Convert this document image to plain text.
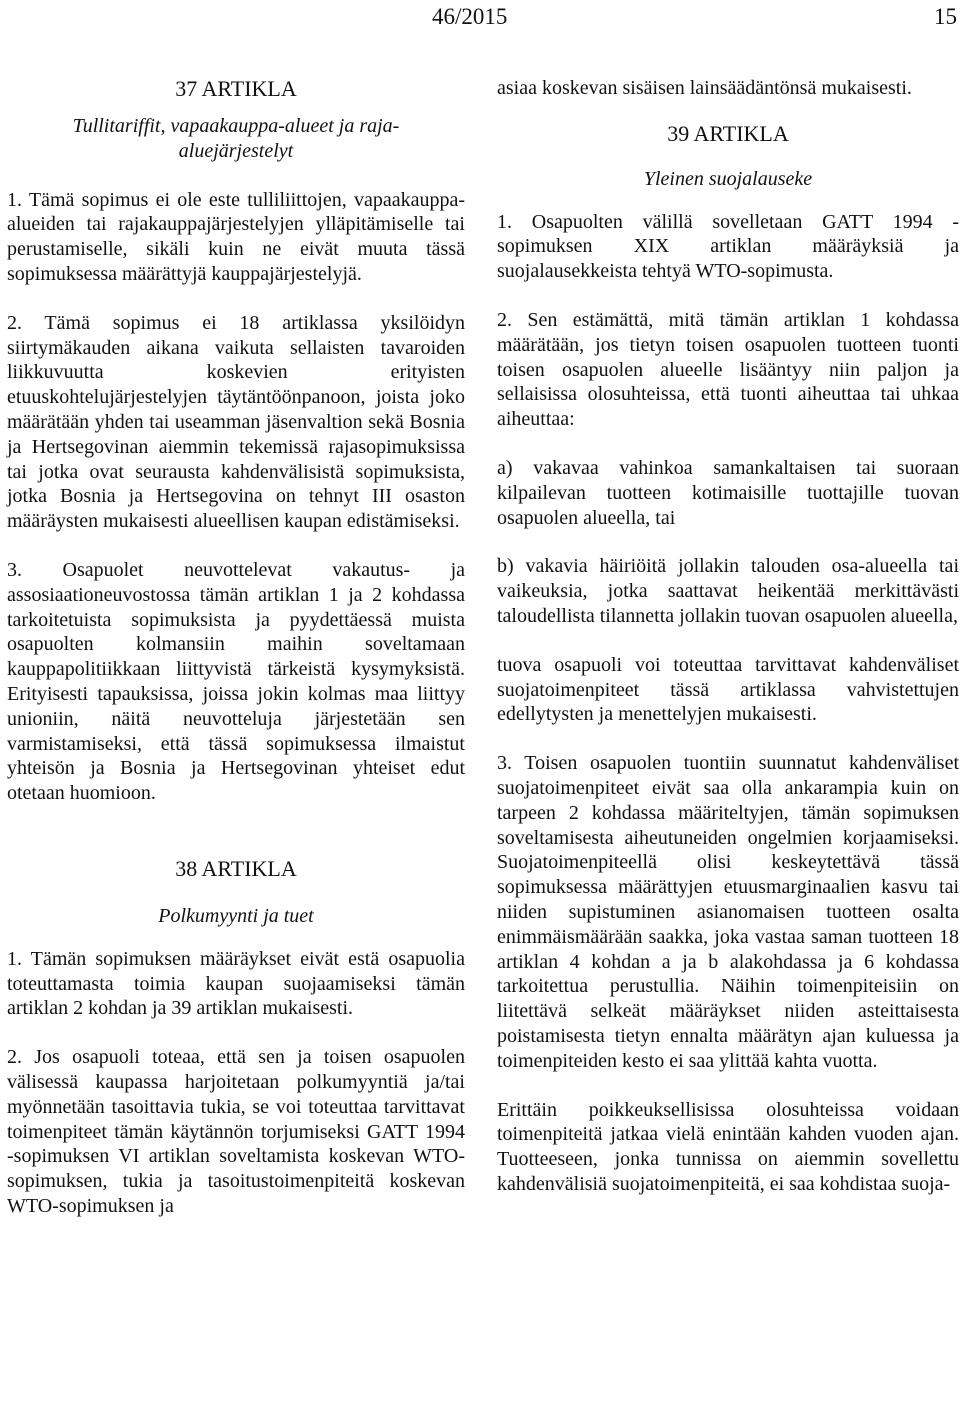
46/2015	15
37 ARTIKLA
Tullitariffit, vapaakauppa-alueet ja raja-
aluejärjestelyt
1. Tämä sopimus ei ole este tulliliittojen, vapaakauppa-alueiden tai rajakauppajärjestelyjen ylläpitämiselle tai perustamiselle, sikäli kuin ne eivät muuta tässä sopimuksessa määrättyjä kauppajärjestelyjä.
2. Tämä sopimus ei 18 artiklassa yksilöidyn siirtymäkauden aikana vaikuta sellaisten tavaroiden liikkuvuutta koskevien erityisten etuuskohtelujärjestelyjen täytäntöönpanoon, joista joko määrätään yhden tai useamman jäsenvaltion sekä Bosnia ja Hertsegovinan aiemmin tekemissä rajasopimuksissa tai jotka ovat seurausta kahdenvälisistä sopimuksista, jotka Bosnia ja Hertsegovina on tehnyt III osaston määräysten mukaisesti alueellisen kaupan edistämiseksi.
3. Osapuolet neuvottelevat vakautus- ja assosiaationeuvostossa tämän artiklan 1 ja 2 kohdassa tarkoitetuista sopimuksista ja pyydettäessä muista osapuolten kolmansiin maihin soveltamaan kauppapolitiikkaan liittyvistä tärkeistä kysymyksistä. Erityisesti tapauksissa, joissa jokin kolmas maa liittyy unioniin, näitä neuvotteluja järjestetään sen varmistamiseksi, että tässä sopimuksessa ilmaistut yhteisön ja Bosnia ja Hertsegovinan yhteiset edut otetaan huomioon.
38 ARTIKLA
Polkumyynti ja tuet
1. Tämän sopimuksen määräykset eivät estä osapuolia toteuttamasta toimia kaupan suojaamiseksi tämän artiklan 2 kohdan ja 39 artiklan mukaisesti.
2. Jos osapuoli toteaa, että sen ja toisen osapuolen välisessä kaupassa harjoitetaan polkumyyntiä ja/tai myönnetään tasoittavia tukia, se voi toteuttaa tarvittavat toimenpiteet tämän käytännön torjumiseksi GATT 1994 -sopimuksen VI artiklan soveltamista koskevan WTO-sopimuksen, tukia ja tasoitustoimenpiteitä koskevan WTO-sopimuksen ja
asiaa koskevan sisäisen lainsäädäntönsä mukaisesti.
39 ARTIKLA
Yleinen suojalauseke
1. Osapuolten välillä sovelletaan GATT 1994 -sopimuksen XIX artiklan määräyksiä ja suojalausekkeista tehtyä WTO-sopimusta.
2. Sen estämättä, mitä tämän artiklan 1 kohdassa määrätään, jos tietyn toisen osapuolen tuotteen tuonti toisen osapuolen alueelle lisääntyy niin paljon ja sellaisissa olosuhteissa, että tuonti aiheuttaa tai uhkaa aiheuttaa:
a) vakavaa vahinkoa samankaltaisen tai suoraan kilpailevan tuotteen kotimaisille tuottajille tuovan osapuolen alueella, tai
b) vakavia häiriöitä jollakin talouden osa-alueella tai vaikeuksia, jotka saattavat heikentää merkittävästi taloudellista tilannetta jollakin tuovan osapuolen alueella,
tuova osapuoli voi toteuttaa tarvittavat kahdenväliset suojatoimenpiteet tässä artiklassa vahvistettujen edellytysten ja menettelyjen mukaisesti.
3. Toisen osapuolen tuontiin suunnatut kahdenväliset suojatoimenpiteet eivät saa olla ankarampia kuin on tarpeen 2 kohdassa määriteltyjen, tämän sopimuksen soveltamisesta aiheutuneiden ongelmien korjaamiseksi. Suojatoimenpiteellä olisi keskeytettävä tässä sopimuksessa määrättyjen etuusmarginaalien kasvu tai niiden supistuminen asianomaisen tuotteen osalta enimmäismäärään saakka, joka vastaa saman tuotteen 18 artiklan 4 kohdan a ja b alakohdassa ja 6 kohdassa tarkoitettua perustullia. Näihin toimenpiteisiin on liitettävä selkeät määräykset niiden asteittaisesta poistamisesta tietyn ennalta määrätyn ajan kuluessa ja toimenpiteiden kesto ei saa ylittää kahta vuotta.
Erittäin poikkeuksellisissa olosuhteissa voidaan toimenpiteitä jatkaa vielä enintään kahden vuoden ajan. Tuotteeseen, jonka tunnissa on aiemmin sovellettu kahdenvälisiä suojatoimenpiteitä, ei saa kohdistaa suoja-
